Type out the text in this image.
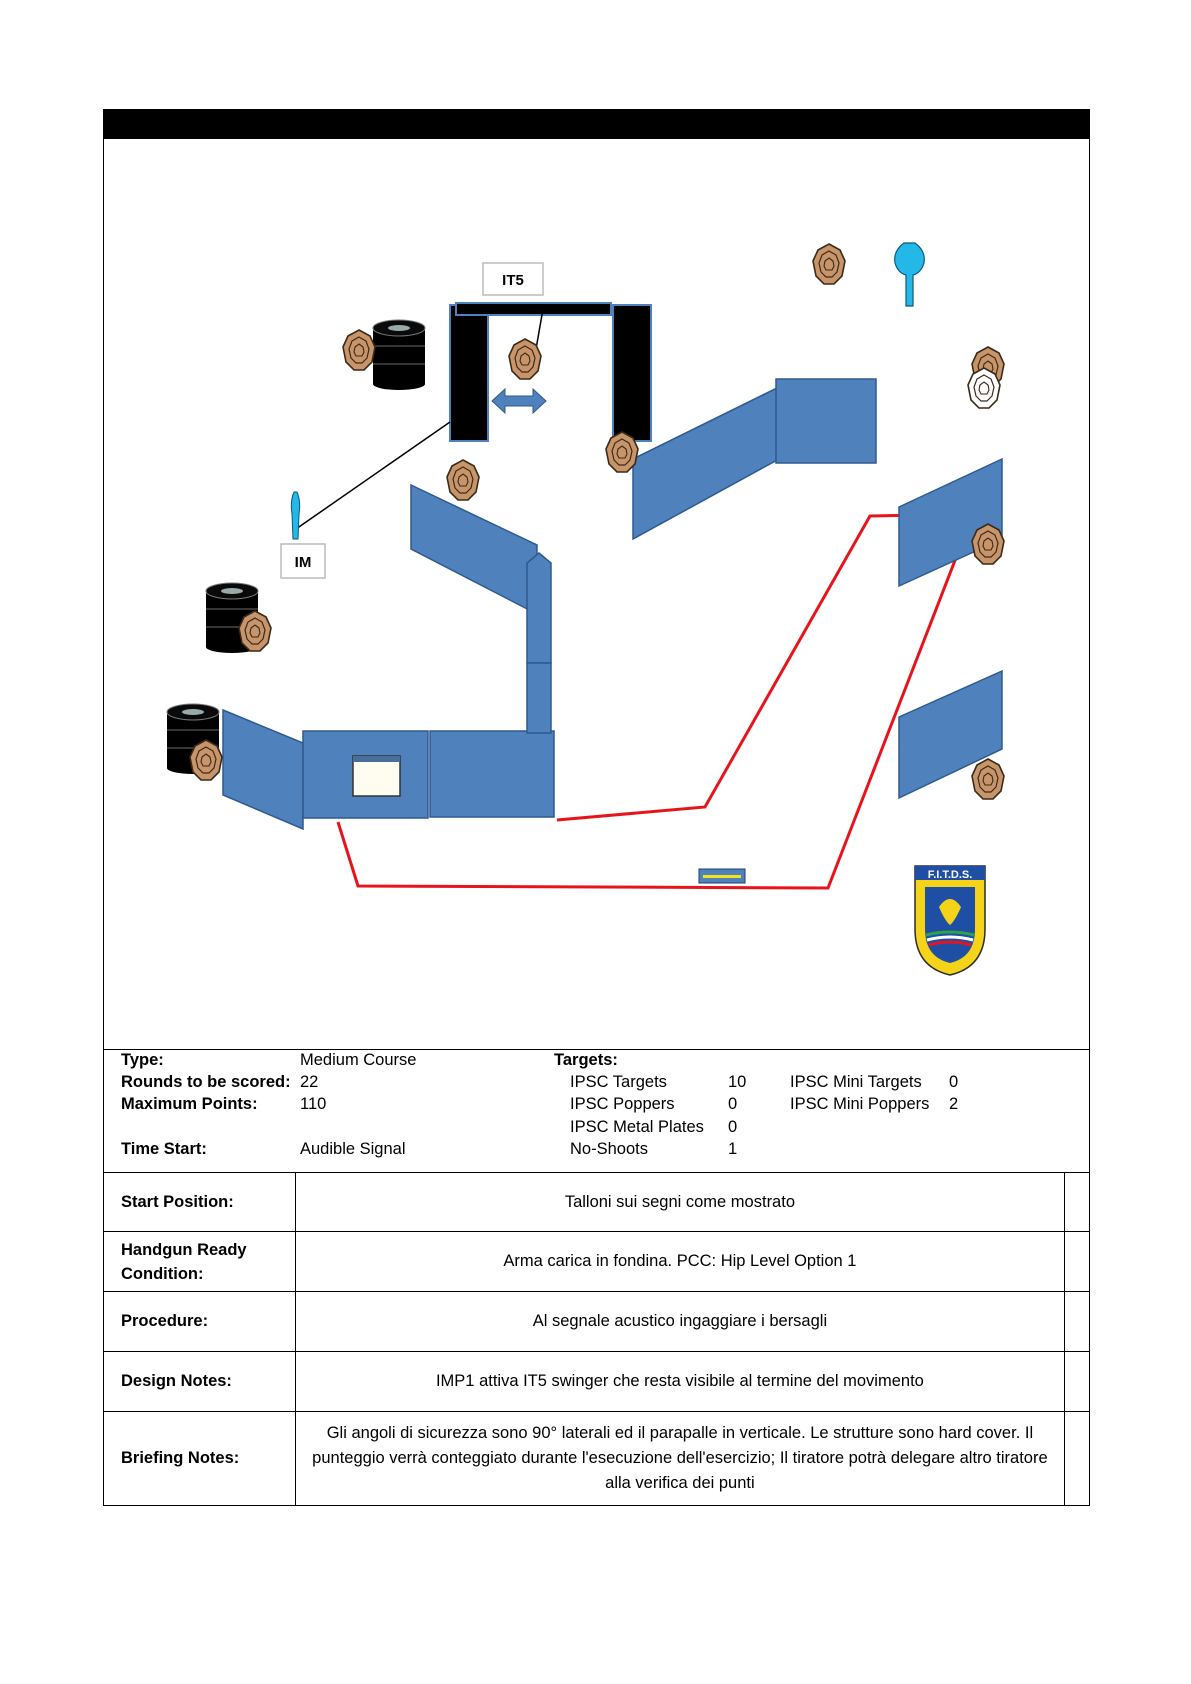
IT5
IM
F.I.T.D.S.
Type:	Medium Course
Rounds to be scored: 22
Maximum Points:	110
Time Start:	Audible Signal
Targets:
IPSC Targets	10
IPSC Poppers	0
IPSC Metal Plates 0
No-Shoots	1
IPSC Mini Targets 0
IPSC Mini Poppers 2
Start Position:	Talloni sui segni come mostrato	
Handgun Ready Condition:	Arma carica in fondina. PCC: Hip Level Option 1	
Procedure:	Al segnale acustico ingaggiare i bersagli	
Design Notes:	IMP1 attiva IT5 swinger che resta visibile al termine del movimento	
Briefing Notes:	Gli angoli di sicurezza sono 90° laterali ed il parapalle in verticale. Le strutture sono hard cover. Il punteggio verrà conteggiato durante l'esecuzione dell'esercizio; Il tiratore potrà delegare altro tiratore alla verifica dei punti	
